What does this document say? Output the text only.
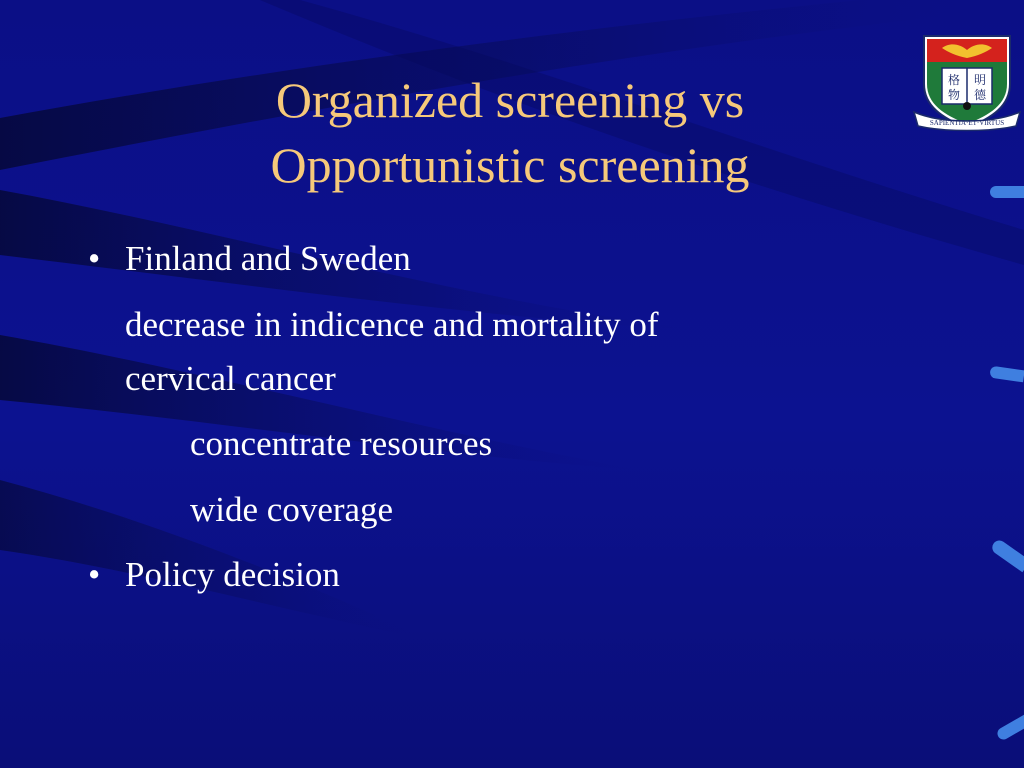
Organized screening vs
Opportunistic screening
• Finland and Sweden
decrease in indicence and mortality of
cervical cancer
concentrate resources
wide coverage
• Policy decision
格 明
物 德
SAPIENTIA·ET·VIRTUS
